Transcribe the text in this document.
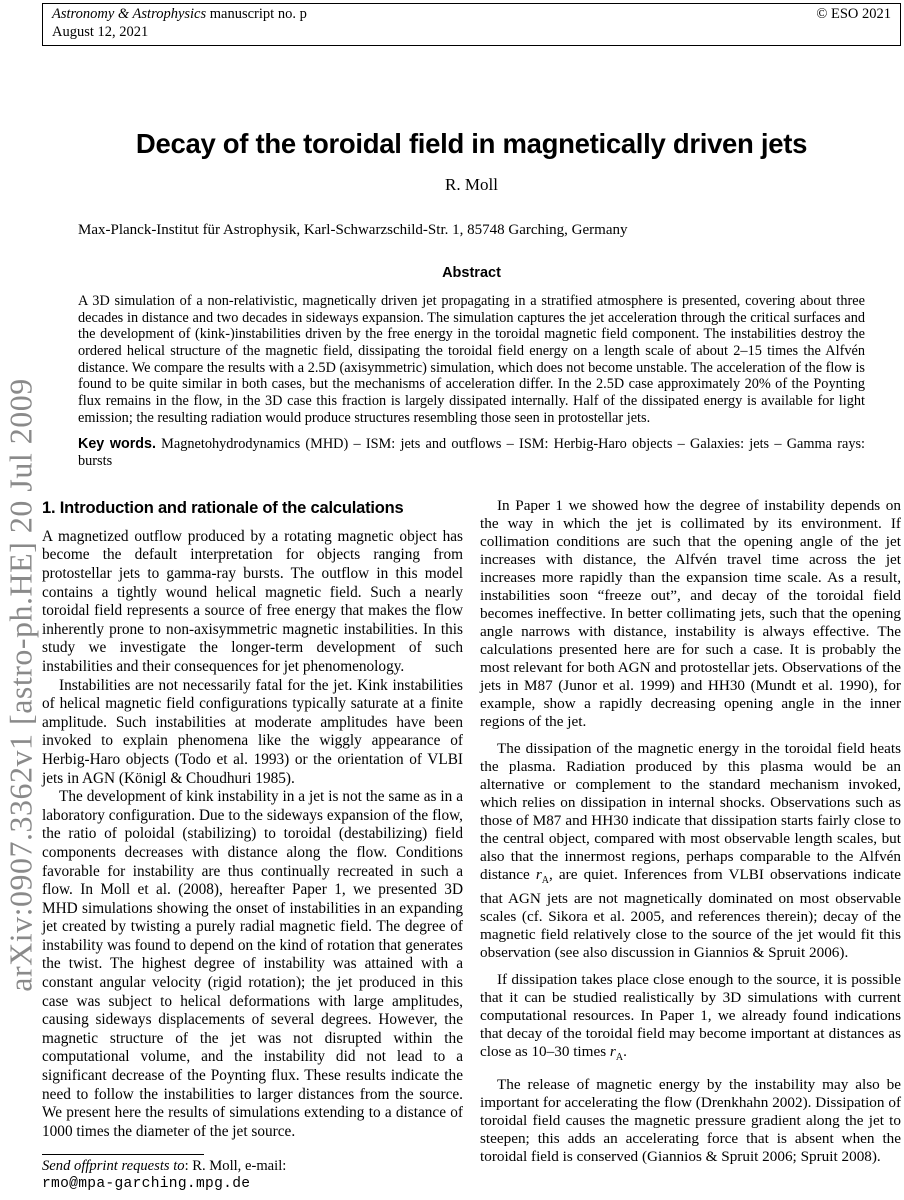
arXiv:0907.3362v1 [astro-ph.HE] 20 Jul 2009
Astronomy & Astrophysics manuscript no. p
August 12, 2021
© ESO 2021
Decay of the toroidal field in magnetically driven jets
R. Moll
Max-Planck-Institut für Astrophysik, Karl-Schwarzschild-Str. 1, 85748 Garching, Germany
Abstract

A 3D simulation of a non-relativistic, magnetically driven jet propagating in a stratified atmosphere is presented, covering about three decades in distance and two decades in sideways expansion. The simulation captures the jet acceleration through the critical surfaces and the development of (kink-)instabilities driven by the free energy in the toroidal magnetic field component. The instabilities destroy the ordered helical structure of the magnetic field, dissipating the toroidal field energy on a length scale of about 2–15 times the Alfvén distance. We compare the results with a 2.5D (axisymmetric) simulation, which does not become unstable. The acceleration of the flow is found to be quite similar in both cases, but the mechanisms of acceleration differ. In the 2.5D case approximately 20% of the Poynting flux remains in the flow, in the 3D case this fraction is largely dissipated internally. Half of the dissipated energy is available for light emission; the resulting radiation would produce structures resembling those seen in protostellar jets.

Key words. Magnetohydrodynamics (MHD) – ISM: jets and outflows – ISM: Herbig-Haro objects – Galaxies: jets – Gamma rays: bursts

1. Introduction and rationale of the calculations

A magnetized outflow produced by a rotating magnetic object has become the default interpretation for objects ranging from protostellar jets to gamma-ray bursts. The outflow in this model contains a tightly wound helical magnetic field. Such a nearly toroidal field represents a source of free energy that makes the flow inherently prone to non-axisymmetric magnetic instabilities. In this study we investigate the longer-term development of such instabilities and their consequences for jet phenomenology.

Instabilities are not necessarily fatal for the jet. Kink instabilities of helical magnetic field configurations typically saturate at a finite amplitude. Such instabilities at moderate amplitudes have been invoked to explain phenomena like the wiggly appearance of Herbig-Haro objects (Todo et al. 1993) or the orientation of VLBI jets in AGN (Königl & Choudhuri 1985).

The development of kink instability in a jet is not the same as in a laboratory configuration. Due to the sideways expansion of the flow, the ratio of poloidal (stabilizing) to toroidal (destabilizing) field components decreases with distance along the flow. Conditions favorable for instability are thus continually recreated in such a flow. In Moll et al. (2008), hereafter Paper 1, we presented 3D MHD simulations showing the onset of instabilities in an expanding jet created by twisting a purely radial magnetic field. The degree of instability was found to depend on the kind of rotation that generates the twist. The highest degree of instability was attained with a constant angular velocity (rigid rotation); the jet produced in this case was subject to helical deformations with large amplitudes, causing sideways displacements of several degrees. However, the magnetic structure of the jet was not disrupted within the computational volume, and the instability did not lead to a significant decrease of the Poynting flux. These results indicate the need to follow the instabilities to larger distances from the source. We present here the results of simulations extending to a distance of 1000 times the diameter of the jet source.

In Paper 1 we showed how the degree of instability depends on the way in which the jet is collimated by its environment. If collimation conditions are such that the opening angle of the jet increases with distance, the Alfvén travel time across the jet increases more rapidly than the expansion time scale. As a result, instabilities soon “freeze out”, and decay of the toroidal field becomes ineffective. In better collimating jets, such that the opening angle narrows with distance, instability is always effective. The calculations presented here are for such a case. It is probably the most relevant for both AGN and protostellar jets. Observations of the jets in M87 (Junor et al. 1999) and HH30 (Mundt et al. 1990), for example, show a rapidly decreasing opening angle in the inner regions of the jet.

The dissipation of the magnetic energy in the toroidal field heats the plasma. Radiation produced by this plasma would be an alternative or complement to the standard mechanism invoked, which relies on dissipation in internal shocks. Observations such as those of M87 and HH30 indicate that dissipation starts fairly close to the central object, compared with most observable length scales, but also that the innermost regions, perhaps comparable to the Alfvén distance $r_A$, are quiet. Inferences from VLBI observations indicate that AGN jets are not magnetically dominated on most observable scales (cf. Sikora et al. 2005, and references therein); decay of the magnetic field relatively close to the source of the jet would fit this observation (see also discussion in Giannios & Spruit 2006).

If dissipation takes place close enough to the source, it is possible that it can be studied realistically by 3D simulations with current computational resources. In Paper 1, we already found indications that decay of the toroidal field may become important at distances as close as 10–30 times $r_A$.

The release of magnetic energy by the instability may also be important for accelerating the flow (Drenkhahn 2002). Dissipation of toroidal field causes the magnetic pressure gradient along the jet to steepen; this adds an accelerating force that is absent when the toroidal field is conserved (Giannios & Spruit 2006; Spruit 2008).

Send offprint requests to: R. Moll, e-mail:
rmo@mpa-garching.mpg.de
